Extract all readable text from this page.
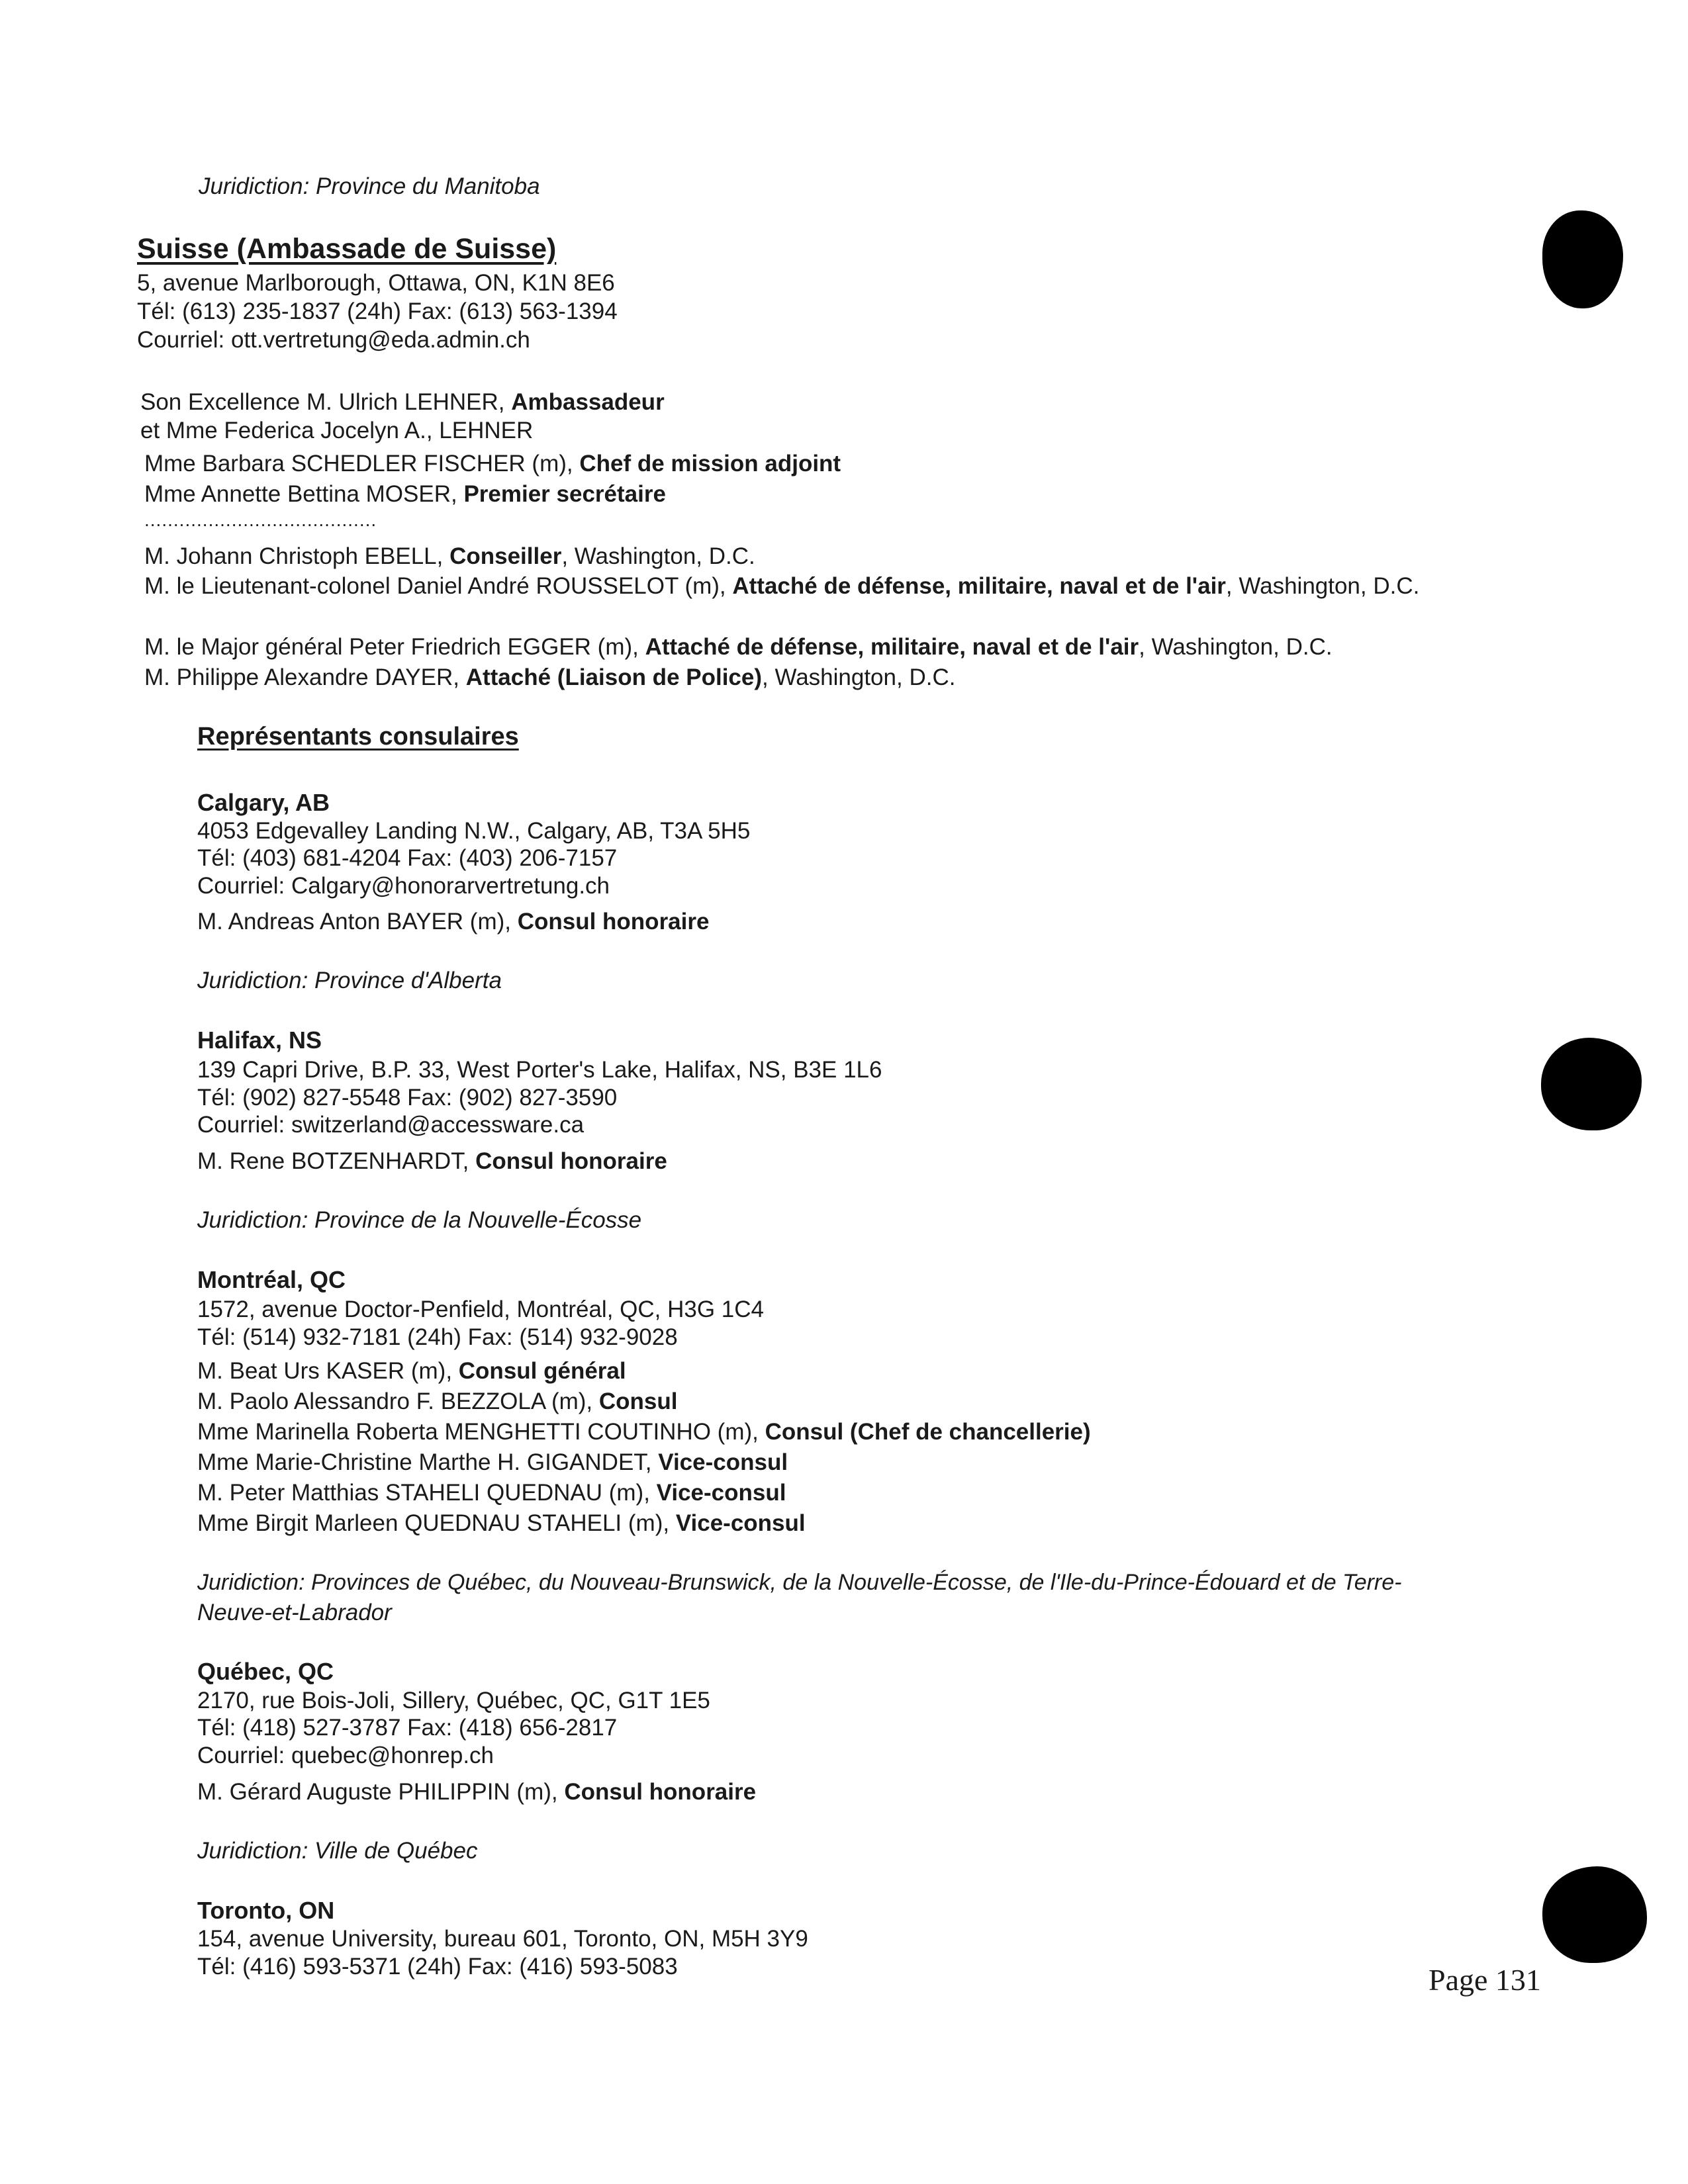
Juridiction: Province du Manitoba
Suisse (Ambassade de Suisse)
5, avenue Marlborough, Ottawa, ON, K1N 8E6
Tél: (613) 235-1837 (24h) Fax: (613) 563-1394
Courriel: ott.vertretung@eda.admin.ch
Son Excellence M. Ulrich LEHNER, Ambassadeur
et Mme Federica Jocelyn A., LEHNER
Mme Barbara SCHEDLER FISCHER (m), Chef de mission adjoint
Mme Annette Bettina MOSER, Premier secrétaire
........................................
M. Johann Christoph EBELL, Conseiller, Washington, D.C.
M. le Lieutenant-colonel Daniel André ROUSSELOT (m), Attaché de défense, militaire, naval et de l'air, Washington, D.C.
M. le Major général Peter Friedrich EGGER (m), Attaché de défense, militaire, naval et de l'air, Washington, D.C.
M. Philippe Alexandre DAYER, Attaché (Liaison de Police), Washington, D.C.
Représentants consulaires
Calgary, AB
4053 Edgevalley Landing N.W., Calgary, AB, T3A 5H5
Tél: (403) 681-4204 Fax: (403) 206-7157
Courriel: Calgary@honorarvertretung.ch
M. Andreas Anton BAYER (m), Consul honoraire
Juridiction: Province d'Alberta
Halifax, NS
139 Capri Drive, B.P. 33, West Porter's Lake, Halifax, NS, B3E 1L6
Tél: (902) 827-5548 Fax: (902) 827-3590
Courriel: switzerland@accessware.ca
M. Rene BOTZENHARDT, Consul honoraire
Juridiction: Province de la Nouvelle-Écosse
Montréal, QC
1572, avenue Doctor-Penfield, Montréal, QC, H3G 1C4
Tél: (514) 932-7181 (24h) Fax: (514) 932-9028
M. Beat Urs KASER (m), Consul général
M. Paolo Alessandro F. BEZZOLA (m), Consul
Mme Marinella Roberta MENGHETTI COUTINHO (m), Consul (Chef de chancellerie)
Mme Marie-Christine Marthe H. GIGANDET, Vice-consul
M. Peter Matthias STAHELI QUEDNAU (m), Vice-consul
Mme Birgit Marleen QUEDNAU STAHELI (m), Vice-consul
Juridiction: Provinces de Québec, du Nouveau-Brunswick, de la Nouvelle-Écosse, de l'Ile-du-Prince-Édouard et de Terre-
Neuve-et-Labrador
Québec, QC
2170, rue Bois-Joli, Sillery, Québec, QC, G1T 1E5
Tél: (418) 527-3787 Fax: (418) 656-2817
Courriel: quebec@honrep.ch
M. Gérard Auguste PHILIPPIN (m), Consul honoraire
Juridiction: Ville de Québec
Toronto, ON
154, avenue University, bureau 601, Toronto, ON, M5H 3Y9
Tél: (416) 593-5371 (24h) Fax: (416) 593-5083	Page 131
